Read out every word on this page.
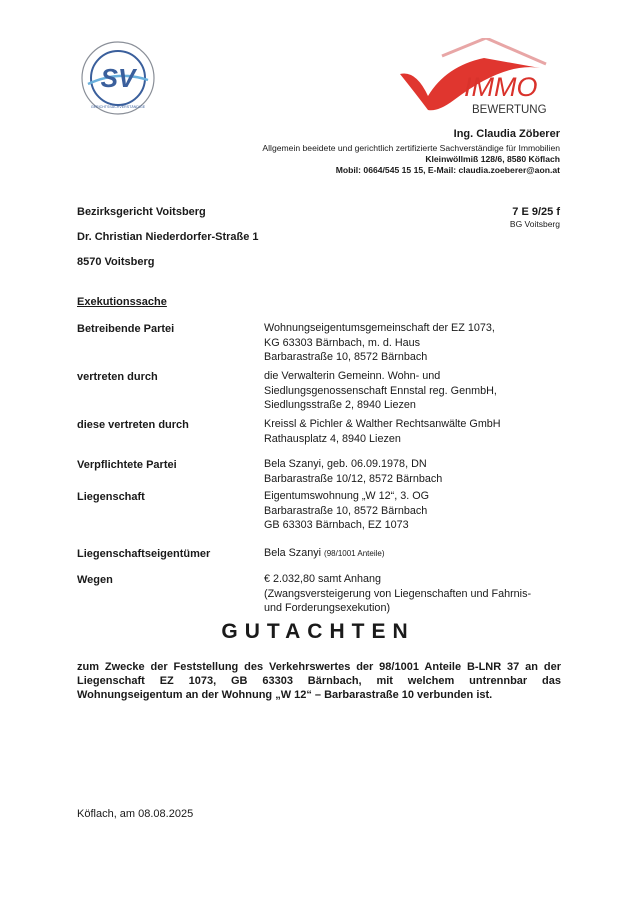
SV
GERICHTSSACHVERSTÄNDIGE
IMMO
BEWERTUNG
Ing. Claudia Zöberer
Allgemein beeidete und gerichtlich zertifizierte Sachverständige für Immobilien
Kleinwöllmiß 128/6, 8580 Köflach
Mobil: 0664/545 15 15, E-Mail: claudia.zoeberer@aon.at
Bezirksgericht Voitsberg
Dr. Christian Niederdorfer-Straße 1
8570 Voitsberg
7 E 9/25 f
BG Voitsberg
Exekutionssache
Betreibende Partei	Wohnungseigentumsgemeinschaft der EZ 1073,
KG 63303 Bärnbach, m. d. Haus
Barbarastraße 10, 8572 Bärnbach
vertreten durch	die Verwalterin Gemeinn. Wohn- und
Siedlungsgenossenschaft Ennstal reg. GenmbH,
Siedlungsstraße 2, 8940 Liezen
diese vertreten durch	Kreissl & Pichler & Walther Rechtsanwälte GmbH
Rathausplatz 4, 8940 Liezen
Verpflichtete Partei	Bela Szanyi, geb. 06.09.1978, DN
Barbarastraße 10/12, 8572 Bärnbach
Liegenschaft	Eigentumswohnung „W 12“, 3. OG
Barbarastraße 10, 8572 Bärnbach
GB 63303 Bärnbach, EZ 1073
Liegenschaftseigentümer	Bela Szanyi (98/1001 Anteile)
Wegen	€ 2.032,80 samt Anhang
(Zwangsversteigerung von Liegenschaften und Fahrnis-
und Forderungsexekution)
GUTACHTEN
zum Zwecke der Feststellung des Verkehrswertes der 98/1001 Anteile B-LNR 37 an der Liegenschaft EZ 1073, GB 63303 Bärnbach, mit welchem untrennbar das Wohnungseigentum an der Wohnung „W 12“ – Barbarastraße 10 verbunden ist.
Köflach, am 08.08.2025
